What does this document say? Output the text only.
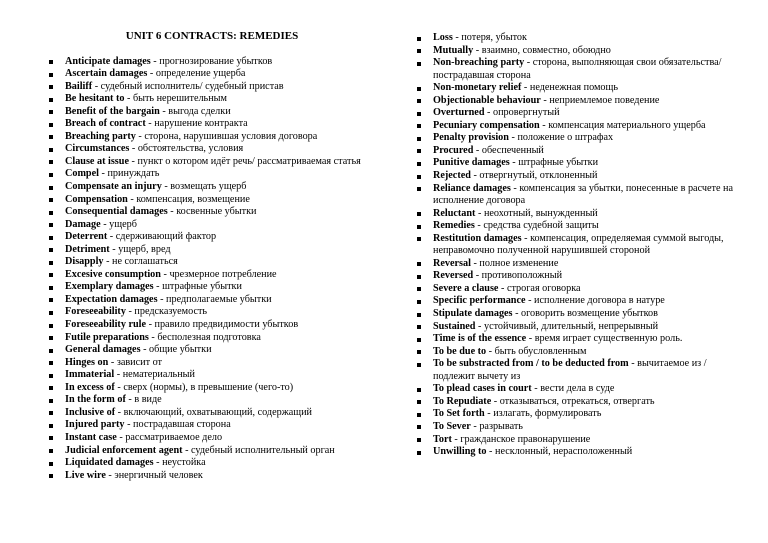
UNIT 6 CONTRACTS: REMEDIES
Anticipate damages - прогнозирование убытков
Ascertain damages - определение ущерба
Bailiff - судебный исполнитель/ судебный пристав
Be hesitant to - быть нерешительным
Benefit of the bargain - выгода сделки
Breach of contract - нарушение контракта
Breaching party - сторона, нарушившая условия договора
Circumstances - обстоятельства, условия
Clause at issue - пункт о котором идёт речь/ рассматриваемая статья
Compel - принуждать
Compensate an injury - возмещать ущерб
Compensation - компенсация, возмещение
Consequential damages - косвенные убытки
Damage - ущерб
Deterrent - сдерживающий фактор
Detriment - ущерб, вред
Disapply - не соглашаться
Excesive consumption - чрезмерное потребление
Exemplary damages - штрафные убытки
Expectation damages - предполагаемые убытки
Foreseeability - предсказуемость
Foreseeability rule - правило предвидимости убытков
Futile preparations - бесполезная подготовка
General damages - общие убытки
Hinges on - зависит от
Immaterial - нематериальный
In excess of - сверх (нормы), в превышение (чего-то)
In the form of - в виде
Inclusive of - включающий, охватывающий, содержащий
Injured party - пострадавшая сторона
Instant case - рассматриваемое дело
Judicial enforcement agent - судебный исполнительный орган
Liquidated damages - неустойка
Live wire - энергичный человек
Loss - потеря, убыток
Mutually - взаимно, совместно, обоюдно
Non-breaching party - сторона, выполняющая свои обязательства/пострадавшая сторона
Non-monetary relief - неденежная помощь
Objectionable behaviour - неприемлемое поведение
Overturned - опровергнутый
Pecuniary compensation - компенсация материального ущерба
Penalty provision - положение о штрафах
Procured - обеспеченный
Punitive damages - штрафные убытки
Rejected - отвергнутый, отклоненный
Reliance damages - компенсация за убытки, понесенные в расчете на исполнение договора
Reluctant - неохотный, вынужденный
Remedies - средства судебной защиты
Restitution damages - компенсация, определяемая суммой выгоды, неправомочно полученной нарушившей стороной
Reversal - полное изменение
Reversed - противоположный
Severe a clause - строгая оговорка
Specific performance - исполнение договора в натуре
Stipulate damages - оговорить возмещение убытков
Sustained - устойчивый, длительный, непрерывный
Time is of the essence - время играет существенную роль.
To be due to - быть обусловленным
To be substracted from / to be deducted from - вычитаемое из / подлежит вычету из
To plead cases in court - вести дела в суде
To Repudiate - отказываться, отрекаться, отвергать
To Set forth - излагать, формулировать
To Sever - разрывать
Tort - гражданское правонарушение
Unwilling to - несклонный, нерасположенный
